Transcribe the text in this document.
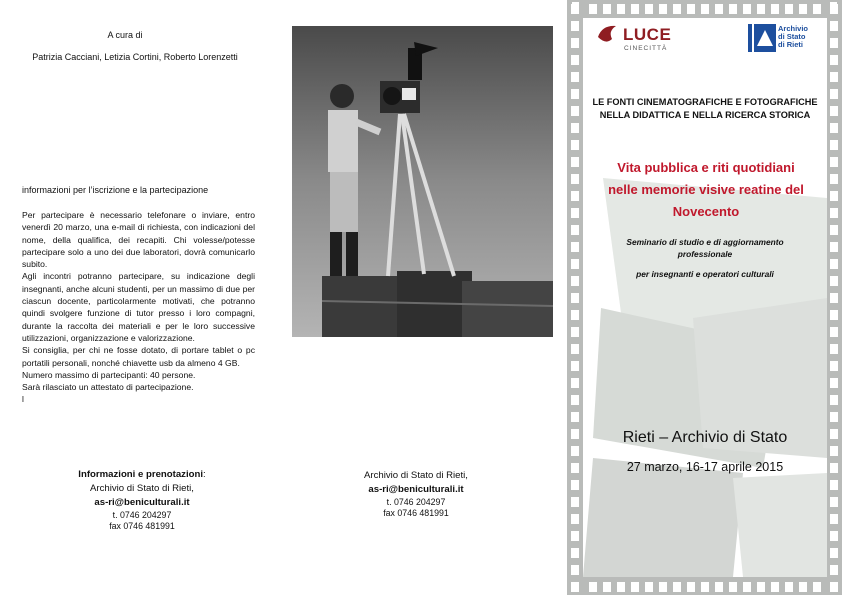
A cura di
Patrizia Cacciani, Letizia Cortini, Roberto Lorenzetti
informazioni per l’iscrizione e la partecipazione

Per partecipare è necessario telefonare o inviare, entro venerdì 20 marzo, una e-mail di richiesta, con indicazioni del nome, della qualifica, dei recapiti. Chi volesse/potesse partecipare solo a uno dei due laboratori, dovrà comunicarlo subito.

Agli incontri potranno partecipare, su indicazione degli insegnanti, anche alcuni studenti, per un massimo di due per ciascun docente, particolarmente motivati, che potranno quindi svolgere funzione di tutor presso i loro compagni, durante la raccolta dei materiali e per le loro successive utilizzazioni, organizzazione e valorizzazione.

Si consiglia, per chi ne fosse dotato, di portare tablet o pc portatili personali, nonché chiavette usb da almeno 4 GB.

Numero massimo di partecipanti: 40 persone.

Sarà rilasciato un attestato di partecipazione.

l

Informazioni e prenotazioni:
Archivio di Stato di Rieti,
as-ri@beniculturali.it
t. 0746 204297
fax 0746 481991
Archivio di Stato di Rieti,
as-ri@beniculturali.it
t. 0746 204297
fax 0746 481991
LUCE
CINECITTÀ
Archivio
di Stato
di Rieti
LE FONTI CINEMATOGRAFICHE E FOTOGRAFICHE
NELLA DIDATTICA E NELLA RICERCA STORICA
Vita pubblica e riti quotidiani
nelle memorie visive reatine del
Novecento
Seminario di studio e di aggiornamento
professionale
per insegnanti e operatori culturali
Rieti – Archivio di Stato
27 marzo, 16-17 aprile 2015
